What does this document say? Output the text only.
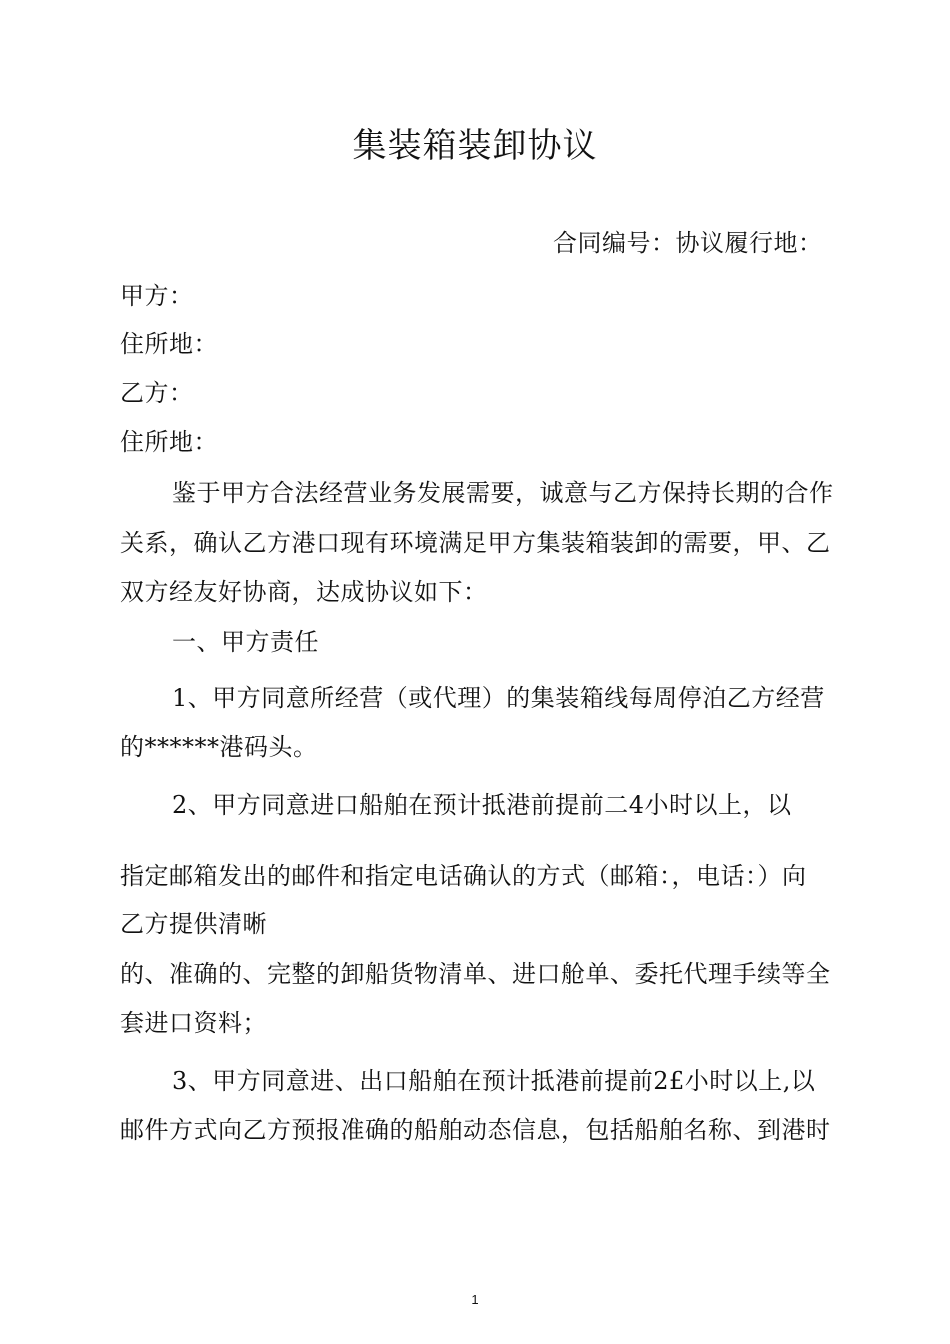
集装箱装卸协议
合同编号：协议履行地：
甲方：
住所地：
乙方：
住所地：
鉴于甲方合法经营业务发展需要，诚意与乙方保持长期的合作
关系，确认乙方港口现有环境满足甲方集装箱装卸的需要，甲、乙
双方经友好协商，达成协议如下：
一、甲方责任
1、甲方同意所经营（或代理）的集装箱线每周停泊乙方经营
的******港码头。
2、甲方同意进口船舶在预计抵港前提前二4小时以上，以
指定邮箱发出的邮件和指定电话确认的方式（邮箱：，电话：）向
乙方提供清晰
的、准确的、完整的卸船货物清单、进口舱单、委托代理手续等全
套进口资料；
3、甲方同意进、出口船舶在预计抵港前提前2£小时以上,以
邮件方式向乙方预报准确的船舶动态信息，包括船舶名称、到港时
1
